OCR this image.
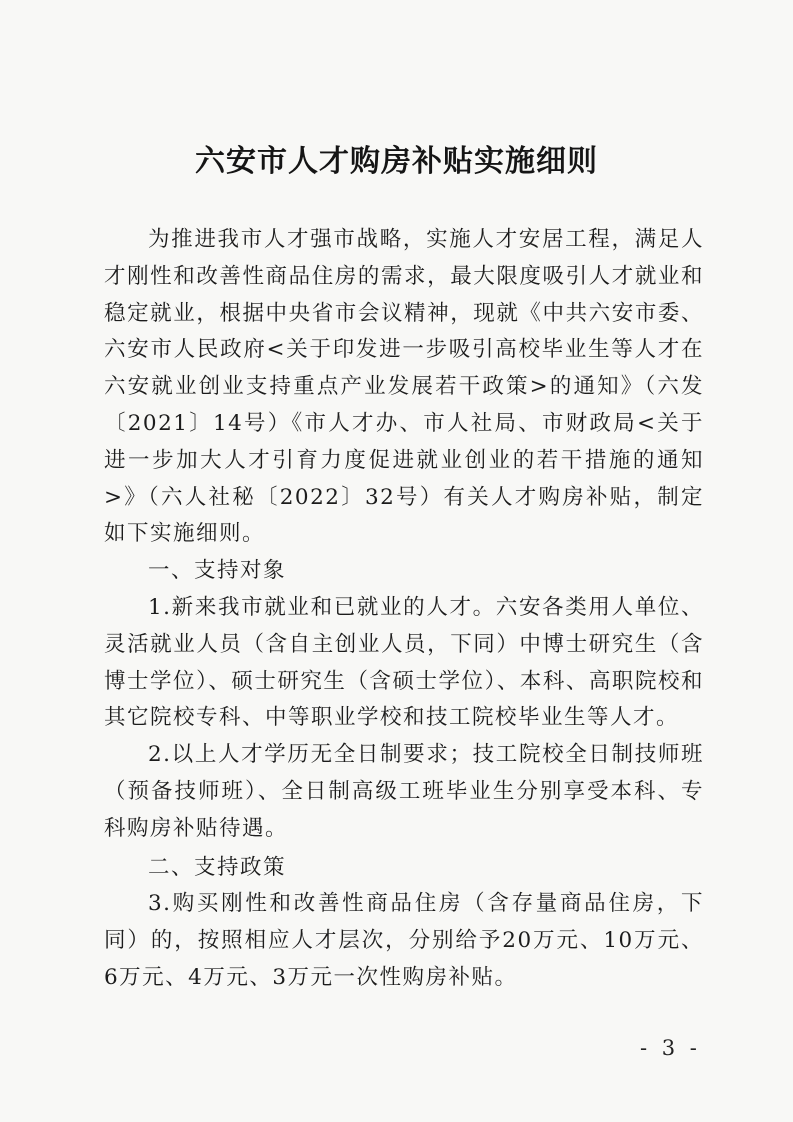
六安市人才购房补贴实施细则

为推进我市人才强市战略，实施人才安居工程，满足人才刚性和改善性商品住房的需求，最大限度吸引人才就业和稳定就业，根据中央省市会议精神，现就《中共六安市委、六安市人民政府<关于印发进一步吸引高校毕业生等人才在六安就业创业支持重点产业发展若干政策>的通知》（六发〔2021〕14号）《市人才办、市人社局、市财政局<关于进一步加大人才引育力度促进就业创业的若干措施的通知>》（六人社秘〔2022〕32号）有关人才购房补贴，制定如下实施细则。

一、支持对象

1.新来我市就业和已就业的人才。六安各类用人单位、灵活就业人员（含自主创业人员，下同）中博士研究生（含博士学位）、硕士研究生（含硕士学位）、本科、高职院校和其它院校专科、中等职业学校和技工院校毕业生等人才。

2.以上人才学历无全日制要求；技工院校全日制技师班（预备技师班）、全日制高级工班毕业生分别享受本科、专科购房补贴待遇。

二、支持政策

3.购买刚性和改善性商品住房（含存量商品住房，下同）的，按照相应人才层次，分别给予20万元、10万元、6万元、4万元、3万元一次性购房补贴。

- 3 -
